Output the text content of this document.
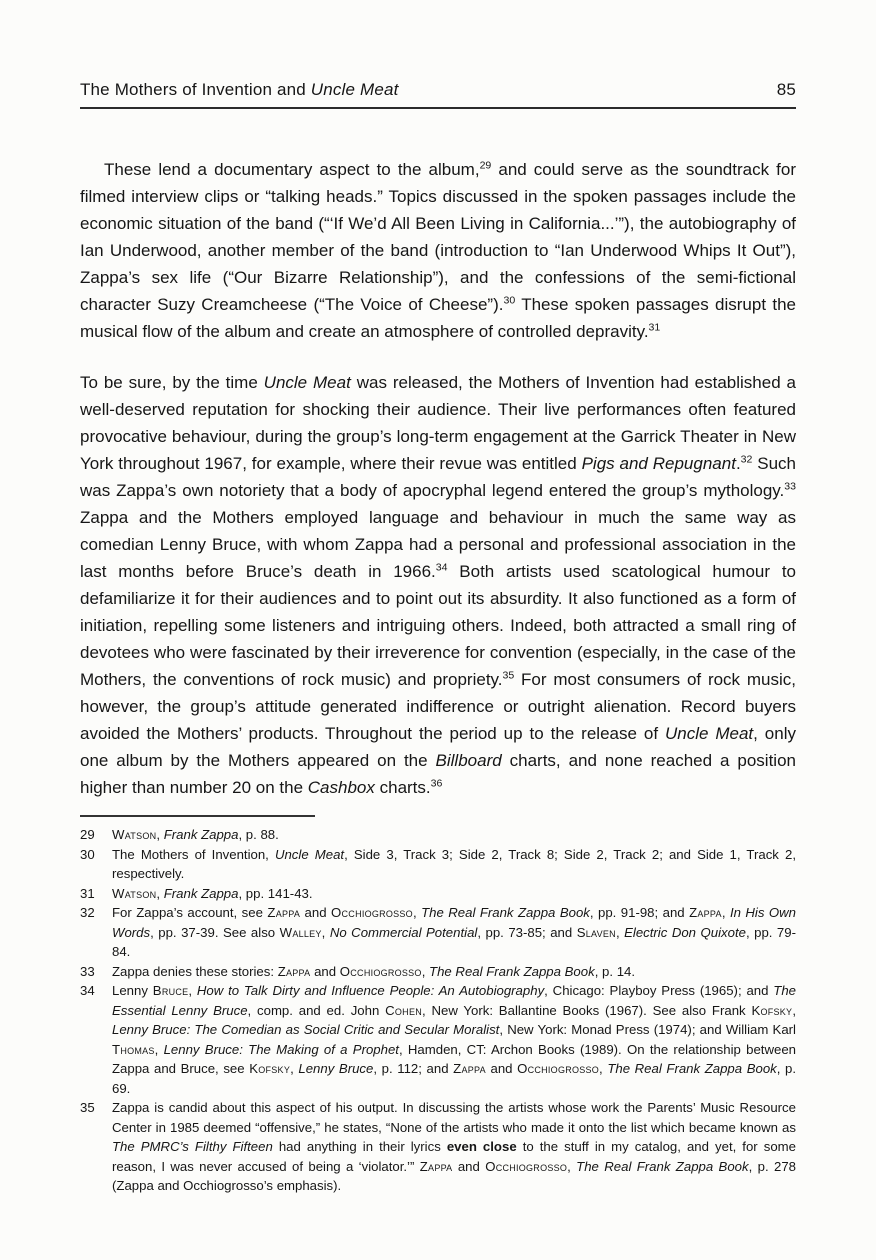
The Mothers of Invention and Uncle Meat	85

These lend a documentary aspect to the album,$^{29}$ and could serve as the soundtrack for filmed interview clips or “talking heads.” Topics discussed in the spoken passages include the economic situation of the band (“‘If We’d All Been Living in California...’”), the autobiography of Ian Underwood, another member of the band (introduction to “Ian Underwood Whips It Out”), Zappa’s sex life (“Our Bizarre Relationship”), and the confessions of the semi-fictional character Suzy Creamcheese (“The Voice of Cheese”).$^{30}$ These spoken passages disrupt the musical flow of the album and create an atmosphere of controlled depravity.$^{31}$

To be sure, by the time Uncle Meat was released, the Mothers of Invention had established a well-deserved reputation for shocking their audience. Their live performances often featured provocative behaviour, during the group’s long-term engagement at the Garrick Theater in New York throughout 1967, for example, where their revue was entitled Pigs and Repugnant.$^{32}$ Such was Zappa’s own notoriety that a body of apocryphal legend entered the group’s mythology.$^{33}$ Zappa and the Mothers employed language and behaviour in much the same way as comedian Lenny Bruce, with whom Zappa had a personal and professional association in the last months before Bruce’s death in 1966.34 Both artists used scatological humour to defamiliarize it for their audiences and to point out its absurdity. It also functioned as a form of initiation, repelling some listeners and intriguing others. Indeed, both attracted a small ring of devotees who were fascinated by their irreverence for convention (especially, in the case of the Mothers, the conventions of rock music) and propriety.$^{35}$ For most consumers of rock music, however, the group’s attitude generated indifference or outright alienation. Record buyers avoided the Mothers’ products. Throughout the period up to the release of Uncle Meat, only one album by the Mothers appeared on the Billboard charts, and none reached a position higher than number 20 on the Cashbox charts.$^{36}$

29	Watson, Frank Zappa, p. 88.
30	The Mothers of Invention, Uncle Meat, Side 3, Track 3; Side 2, Track 8; Side 2, Track 2; and Side 1, Track 2, respectively.
31	Watson, Frank Zappa, pp. 141-43.
32	For Zappa’s account, see Zappa and Occhiogrosso, The Real Frank Zappa Book, pp. 91-98; and Zappa, In His Own Words, pp. 37-39. See also Walley, No Commercial Potential, pp. 73-85; and Slaven, Electric Don Quixote, pp. 79-84.
33	Zappa denies these stories: Zappa and Occhiogrosso, The Real Frank Zappa Book, p. 14.
34	Lenny Bruce, How to Talk Dirty and Influence People: An Autobiography, Chicago: Playboy Press (1965); and The Essential Lenny Bruce, comp. and ed. John Cohen, New York: Ballantine Books (1967). See also Frank Kofsky, Lenny Bruce: The Comedian as Social Critic and Secular Moralist, New York: Monad Press (1974); and William Karl Thomas, Lenny Bruce: The Making of a Prophet, Hamden, CT: Archon Books (1989). On the relationship between Zappa and Bruce, see Kofsky, Lenny Bruce, p. 112; and Zappa and Occhiogrosso, The Real Frank Zappa Book, p. 69.
35	Zappa is candid about this aspect of his output. In discussing the artists whose work the Parents’ Music Resource Center in 1985 deemed “offensive,” he states, “None of the artists who made it onto the list which became known as The PMRC’s Filthy Fifteen had anything in their lyrics even close to the stuff in my catalog, and yet, for some reason, I was never accused of being a ‘violator.’” Zappa and Occhiogrosso, The Real Frank Zappa Book, p. 278 (Zappa and Occhiogrosso’s emphasis).
